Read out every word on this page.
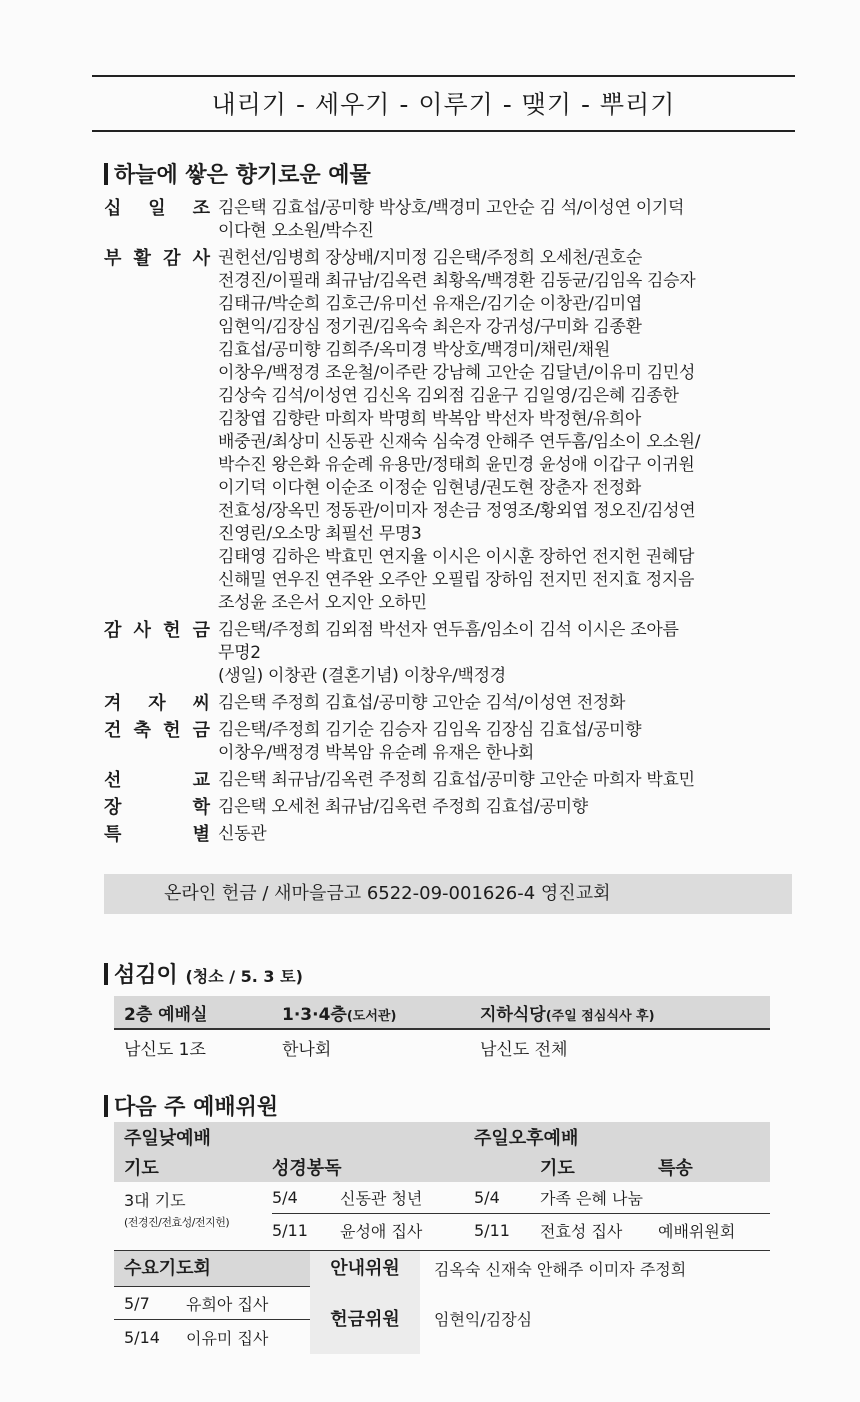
내리기 - 세우기 - 이루기 - 맺기 - 뿌리기
하늘에 쌓은 향기로운 예물
십 일 조 김은택 김효섭/공미향 박상호/백경미 고안순 김 석/이성연 이기덕
이다현 오소원/박수진
부 활 감 사 권헌선/임병희 장상배/지미정 김은택/주정희 오세천/권호순
전경진/이필래 최규남/김옥련 최황옥/백경환 김동균/김임옥 김승자
김태규/박순희 김호근/유미선 유재은/김기순 이창관/김미엽
임현익/김장심 정기권/김옥숙 최은자 강귀성/구미화 김종환
김효섭/공미향 김희주/옥미경 박상호/백경미/채린/채원
이창우/백정경 조운철/이주란 강남혜 고안순 김달년/이유미 김민성
김상숙 김석/이성연 김신옥 김외점 김윤구 김일영/김은혜 김종한
김창엽 김향란 마희자 박명희 박복암 박선자 박정현/유희아
배중권/최상미 신동관 신재숙 심숙경 안해주 연두흠/임소이 오소원/
박수진 왕은화 유순례 유용만/정태희 윤민경 윤성애 이갑구 이귀원
이기덕 이다현 이순조 이정순 임현녕/권도현 장춘자 전정화
전효성/장옥민 정동관/이미자 정손금 정영조/황외엽 정오진/김성연
진영린/오소망 최필선 무명3
김태영 김하은 박효민 연지율 이시은 이시훈 장하언 전지헌 권혜담
신해밀 연우진 연주완 오주안 오필립 장하임 전지민 전지효 정지음
조성윤 조은서 오지안 오하민
감 사 헌 금 김은택/주정희 김외점 박선자 연두흠/임소이 김석 이시은 조아름
무명2
(생일) 이창관 (결혼기념) 이창우/백정경
겨 자 씨 김은택 주정희 김효섭/공미향 고안순 김석/이성연 전정화
건 축 헌 금 김은택/주정희 김기순 김승자 김임옥 김장심 김효섭/공미향
이창우/백정경 박복암 유순례 유재은 한나회
선	교 김은택 최규남/김옥련 주정희 김효섭/공미향 고안순 마희자 박효민
장	학 김은택 오세천 최규남/김옥련 주정희 김효섭/공미향
특	별 신동관
온라인 헌금 / 새마을금고 6522-09-001626-4 영진교회
섬김이 (청소 / 5. 3 토)
2층 예배실	1·3·4층(도서관)	지하식당(주일 점심식사 후)
남신도 1조	한나회	남신도 전체
다음 주 예배위원
주일낮예배	주일오후예배
기도	성경봉독	기도	특송
3대 기도
(전경진/전효성/전지헌)
5/4	신동관 청년	5/4	가족 은혜 나눔
5/11	윤성애 집사	5/11	전효성 집사	예배위원회
수요기도회	안내위원	김옥숙 신재숙 안해주 이미자 주정희
5/7	유희아 집사
5/14	이유미 집사
헌금위원	임현익/김장심
